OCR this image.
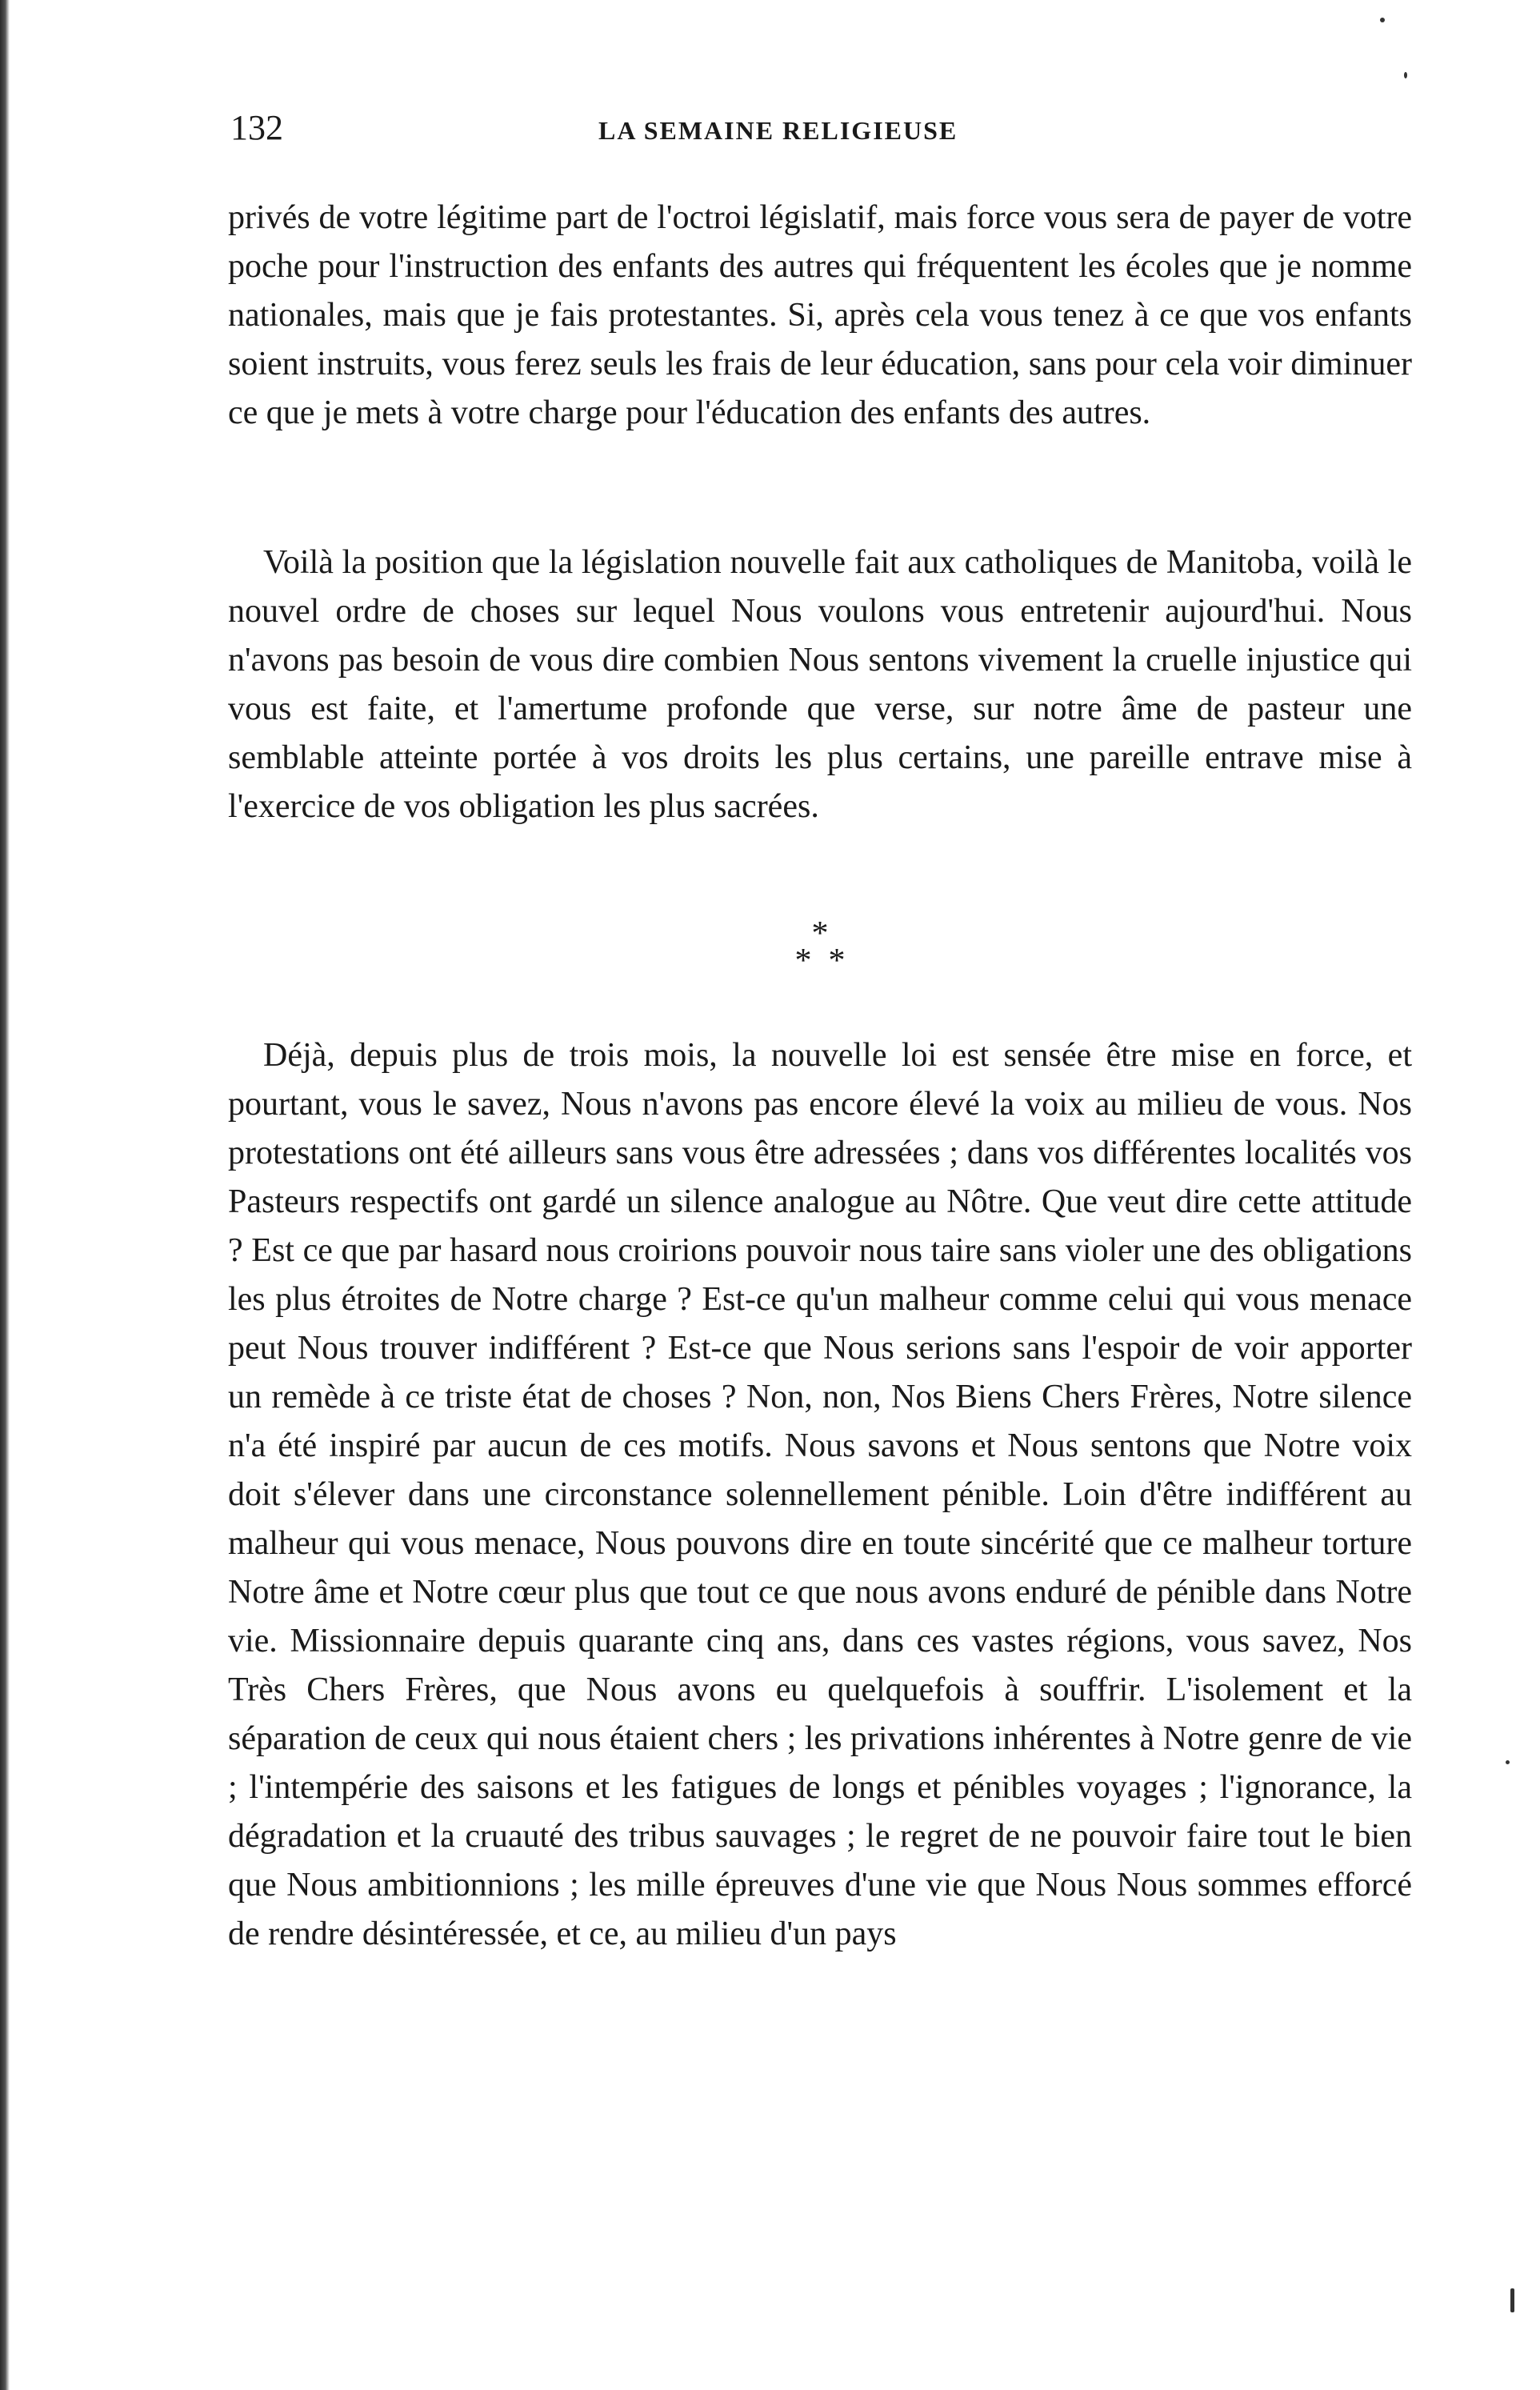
132	LA SEMAINE RELIGIEUSE

privés de votre légitime part de l'octroi législatif, mais force vous sera de payer de votre poche pour l'instruction des enfants des autres qui fréquentent les écoles que je nomme nationales, mais que je fais protestantes. Si, après cela vous tenez à ce que vos enfants soient instruits, vous ferez seuls les frais de leur éducation, sans pour cela voir diminuer ce que je mets à votre charge pour l'éducation des enfants des autres.

Voilà la position que la législation nouvelle fait aux catholiques de Manitoba, voilà le nouvel ordre de choses sur lequel Nous voulons vous entretenir aujourd'hui. Nous n'avons pas besoin de vous dire combien Nous sentons vivement la cruelle injustice qui vous est faite, et l'amertume profonde que verse, sur notre âme de pasteur une semblable atteinte portée à vos droits les plus certains, une pareille entrave mise à l'exercice de vos obligation les plus sacrées.

*
*  *

Déjà, depuis plus de trois mois, la nouvelle loi est sensée être mise en force, et pourtant, vous le savez, Nous n'avons pas encore élevé la voix au milieu de vous. Nos protestations ont été ailleurs sans vous être adressées ; dans vos différentes localités vos Pasteurs respectifs ont gardé un silence analogue au Nôtre. Que veut dire cette attitude ? Est ce que par hasard nous croirions pouvoir nous taire sans violer une des obligations les plus étroites de Notre charge ? Est-ce qu'un malheur comme celui qui vous menace peut Nous trouver indifférent ? Est-ce que Nous serions sans l'espoir de voir apporter un remède à ce triste état de choses ? Non, non, Nos Biens Chers Frères, Notre silence n'a été inspiré par aucun de ces motifs. Nous savons et Nous sentons que Notre voix doit s'élever dans une circonstance solennellement pénible. Loin d'être indifférent au malheur qui vous menace, Nous pouvons dire en toute sincérité que ce malheur torture Notre âme et Notre cœur plus que tout ce que nous avons enduré de pénible dans Notre vie. Missionnaire depuis quarante cinq ans, dans ces vastes régions, vous savez, Nos Très Chers Frères, que Nous avons eu quelquefois à souffrir. L'isolement et la séparation de ceux qui nous étaient chers ; les privations inhérentes à Notre genre de vie ; l'intempérie des saisons et les fatigues de longs et pénibles voyages ; l'ignorance, la dégradation et la cruauté des tribus sauvages ; le regret de ne pouvoir faire tout le bien que Nous ambitionnions ; les mille épreuves d'une vie que Nous Nous sommes efforcé de rendre désintéressée, et ce, au milieu d'un pays
